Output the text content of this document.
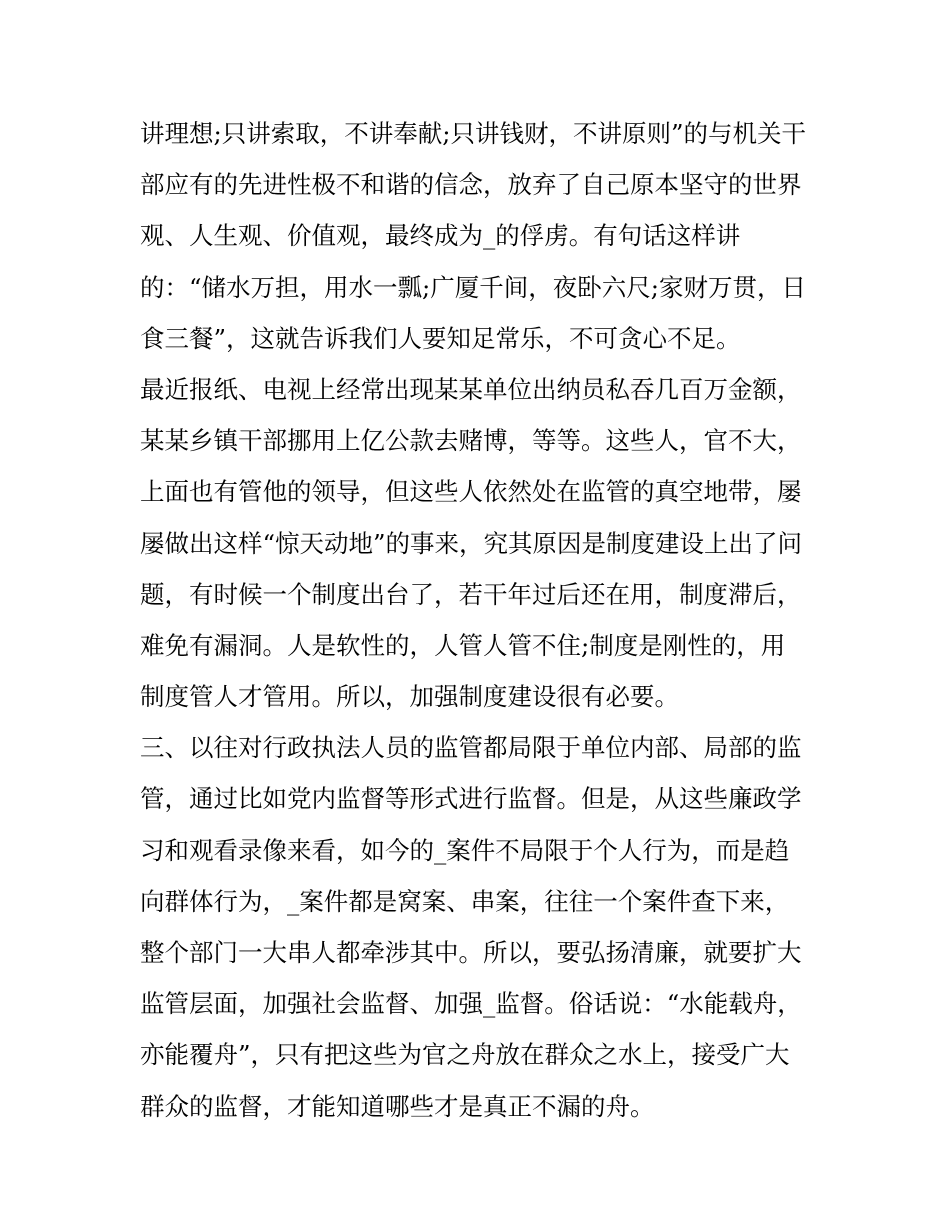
讲理想;只讲索取，不讲奉献;只讲钱财，不讲原则”的与机关干
部应有的先进性极不和谐的信念，放弃了自己原本坚守的世界
观、人生观、价值观，最终成为_的俘虏。有句话这样讲
的：“储水万担，用水一瓢;广厦千间，夜卧六尺;家财万贯，日
食三餐”，这就告诉我们人要知足常乐，不可贪心不足。
最近报纸、电视上经常出现某某单位出纳员私吞几百万金额，
某某乡镇干部挪用上亿公款去赌博，等等。这些人，官不大，
上面也有管他的领导，但这些人依然处在监管的真空地带，屡
屡做出这样“惊天动地”的事来，究其原因是制度建设上出了问
题，有时候一个制度出台了，若干年过后还在用，制度滞后，
难免有漏洞。人是软性的，人管人管不住;制度是刚性的，用
制度管人才管用。所以，加强制度建设很有必要。
三、以往对行政执法人员的监管都局限于单位内部、局部的监
管，通过比如党内监督等形式进行监督。但是，从这些廉政学
习和观看录像来看，如今的_案件不局限于个人行为，而是趋
向群体行为，_案件都是窝案、串案，往往一个案件查下来，
整个部门一大串人都牵涉其中。所以，要弘扬清廉，就要扩大
监管层面，加强社会监督、加强_监督。俗话说：“水能载舟，
亦能覆舟”，只有把这些为官之舟放在群众之水上，接受广大
群众的监督，才能知道哪些才是真正不漏的舟。
